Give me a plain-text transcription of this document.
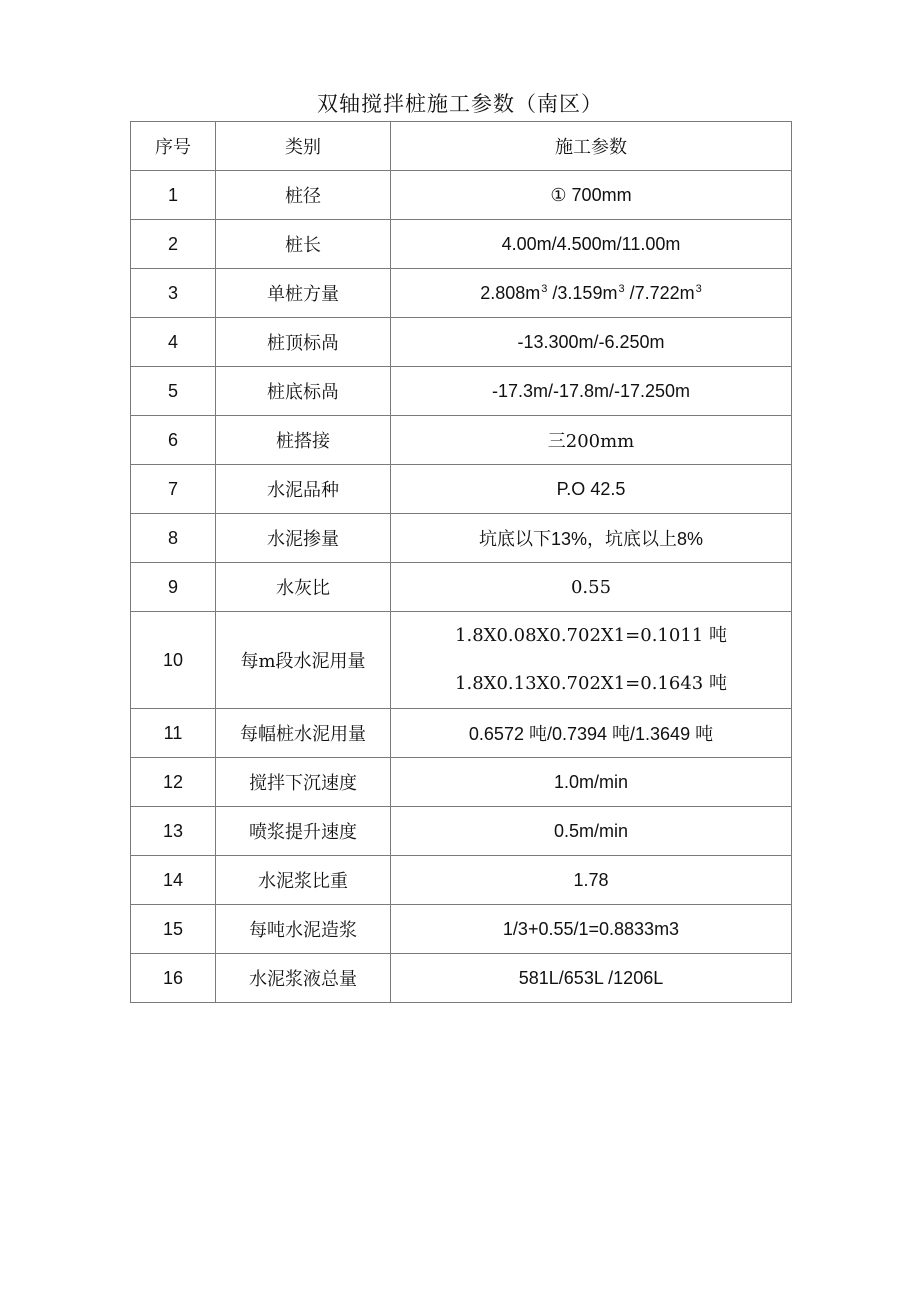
双轴搅拌桩施工参数（南区）
序号	类别	施工参数
1	桩径	① 700mm
2	桩长	4.00m/4.500m/11.00m
3	单桩方量	$2.808m^3$ $/3.159m^3$ $/7.722m^3$
4	桩顶标咼	-13.300m/-6.250m
5	桩底标咼	-17.3m/-17.8m/-17.250m
6	桩搭接	三200mm
7	水泥品种	P.O 42.5
8	水泥掺量	坑底以下13%，坑底以上8%
9	水灰比	0.55
10	每m段水泥用量	1.8X0.08X0.702X1=0.1011 吨
1.8X0.13X0.702X1=0.1643 吨

11	每幅桩水泥用量	0.6572 吨/0.7394 吨/1.3649 吨
12	搅拌下沉速度	1.0m/min
13	喷浆提升速度	0.5m/min
14	水泥浆比重	1.78
15	每吨水泥造浆	1/3+0.55/1=0.8833m3
16	水泥浆液总量	581L/653L /1206L
